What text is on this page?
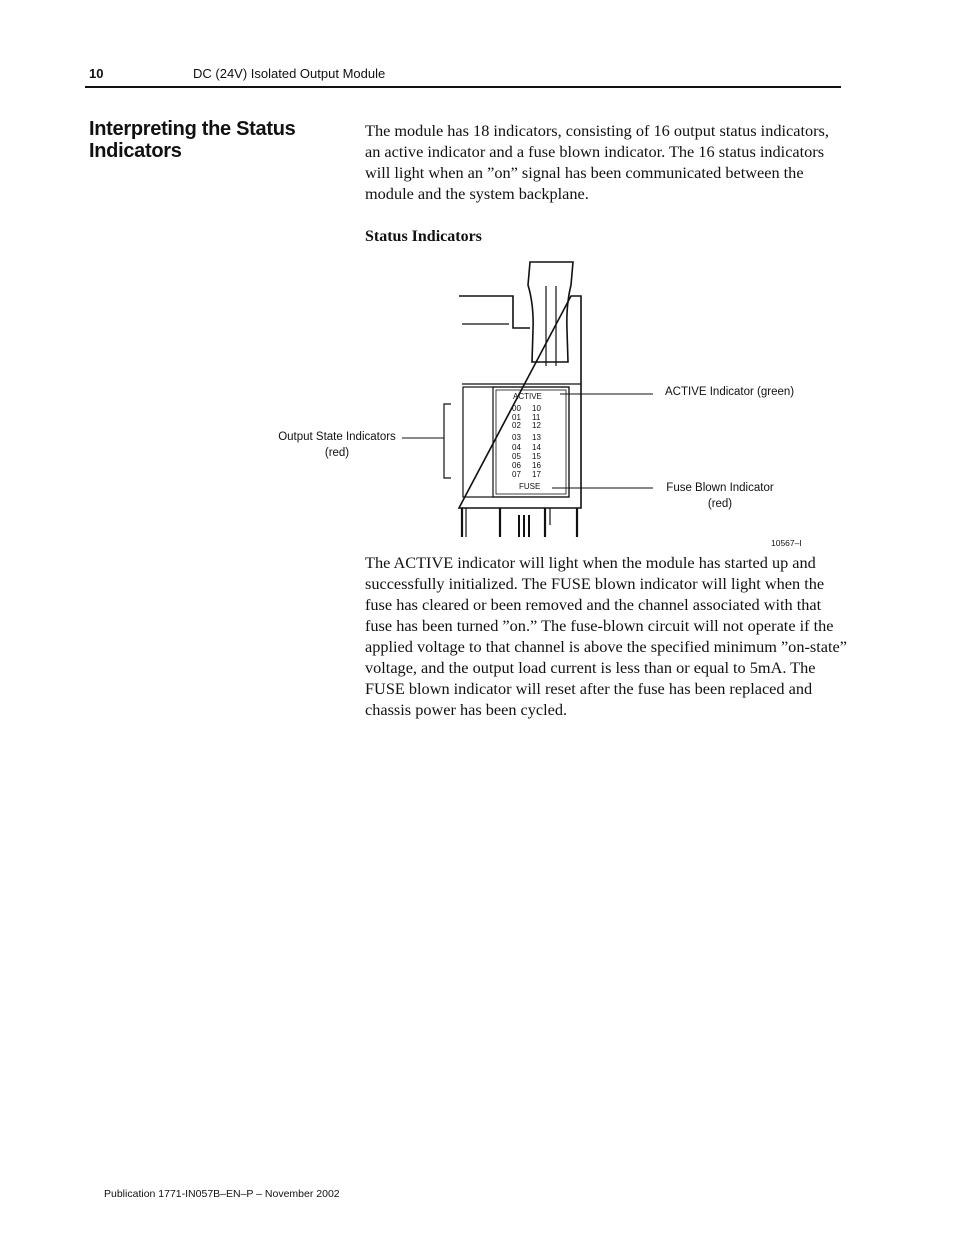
10	DC (24V) Isolated Output Module
Interpreting the Status Indicators

The module has 18 indicators, consisting of 16 output status indicators, an active indicator and a fuse blown indicator. The 16 status indicators will light when an ”on” signal has been communicated between the module and the system backplane.

Status Indicators
ACTIVE
00 10
01 11
02 12
03 13
04 14
05 15
06 16
07 17
FUSE
Output State Indicators
(red)
ACTIVE Indicator (green)
Fuse Blown Indicator
(red)
10567–I

The ACTIVE indicator will light when the module has started up and successfully initialized. The FUSE blown indicator will light when the fuse has cleared or been removed and the channel associated with that fuse has been turned ”on.” The fuse-blown circuit will not operate if the applied voltage to that channel is above the specified minimum ”on-state” voltage, and the output load current is less than or equal to 5mA. The FUSE blown indicator will reset after the fuse has been replaced and chassis power has been cycled.

Publication 1771-IN057B–EN–P – November 2002
